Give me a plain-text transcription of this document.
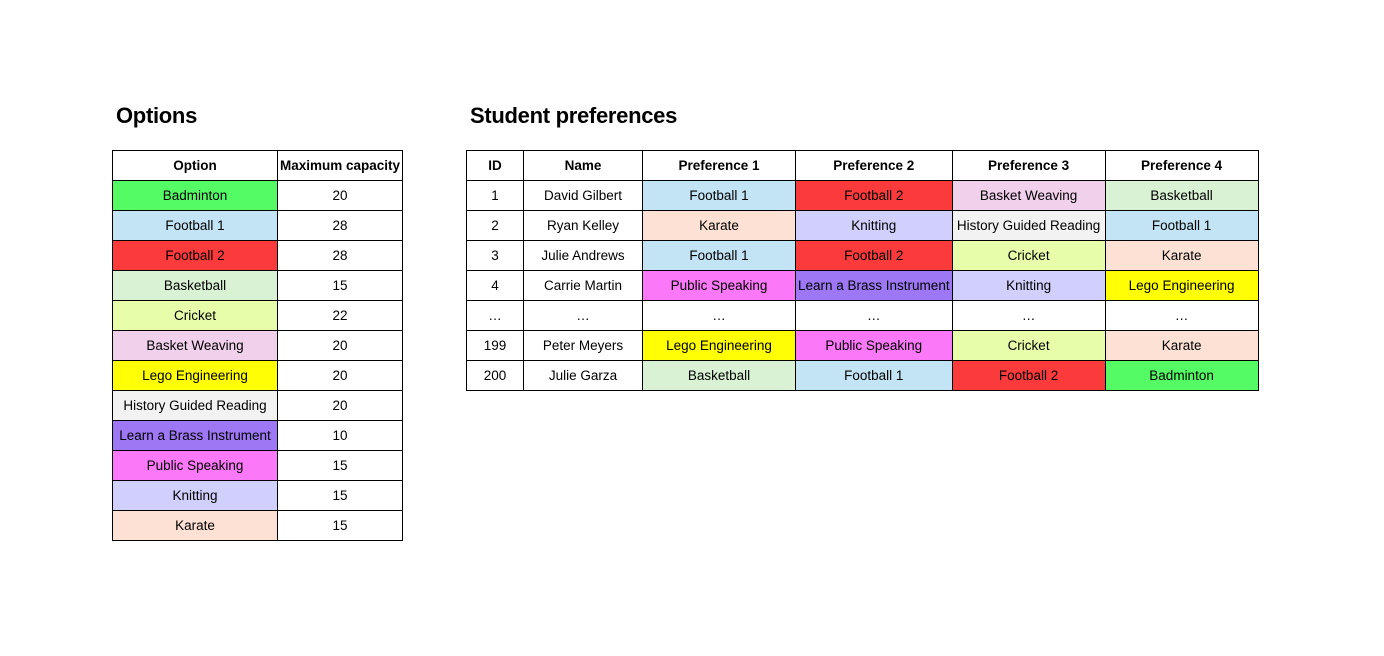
Options	Student preferences
Option	Maximum capacity
Badminton	20
Football 1	28
Football 2	28
Basketball	15
Cricket	22
Basket Weaving	20
Lego Engineering	20
History Guided Reading	20
Learn a Brass Instrument	10
Public Speaking	15
Knitting	15
Karate	15
ID	Name	Preference 1	Preference 2	Preference 3	Preference 4
1	David Gilbert	Football 1	Football 2	Basket Weaving	Basketball
2	Ryan Kelley	Karate	Knitting	History Guided Reading	Football 1
3	Julie Andrews	Football 1	Football 2	Cricket	Karate
4	Carrie Martin	Public Speaking	Learn a Brass Instrument	Knitting	Lego Engineering
…	…	…	…	…	…
199	Peter Meyers	Lego Engineering	Public Speaking	Cricket	Karate
200	Julie Garza	Basketball	Football 1	Football 2	Badminton
